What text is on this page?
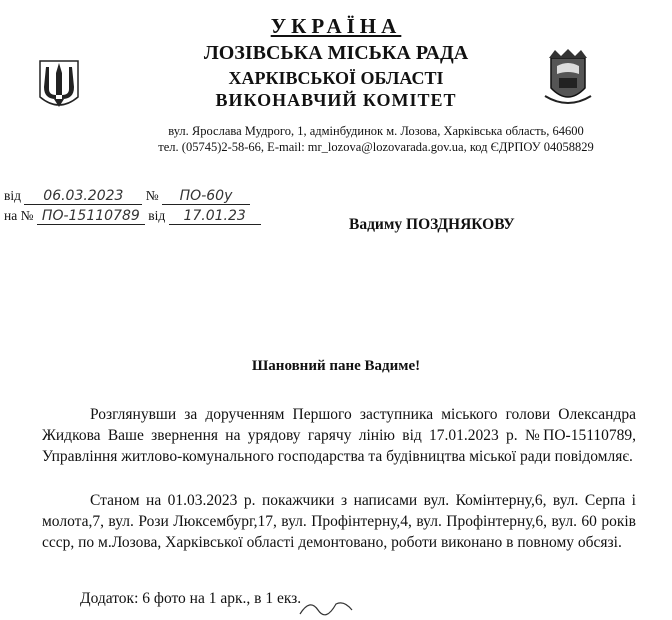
УКРАЇНА
ЛОЗІВСЬКА МІСЬКА РАДА
ХАРКІВСЬКОЇ ОБЛАСТІ
ВИКОНАВЧИЙ КОМІТЕТ
вул. Ярослава Мудрого, 1, адмінбудинок м. Лозова, Харківська область, 64600
тел. (05745)2-58-66, E-mail: mr_lozova@lozovarada.gov.ua, код ЄДРПОУ 04058829
від 06.03.2023 № ПО-60у
на № ПО-15110789 від 17.01.23	Вадиму ПОЗДНЯКОВУ
Шановний пане Вадиме!
Розглянувши за дорученням Першого заступника міського голови Олександра Жидкова Ваше звернення на урядову гарячу лінію від 17.01.2023 р. №ПО-15110789, Управління житлово-комунального господарства та будівництва міської ради повідомляє.
Станом на 01.03.2023 р. покажчики з написами вул. Комінтерну,6, вул. Серпа і молота,7, вул. Рози Люксембург,17, вул. Профінтерну,4, вул. Профінтерну,6, вул. 60 років ссср, по м.Лозова, Харківської області демонтовано, роботи виконано в повному обсязі.
Додаток: 6 фото на 1 арк., в 1 екз.
